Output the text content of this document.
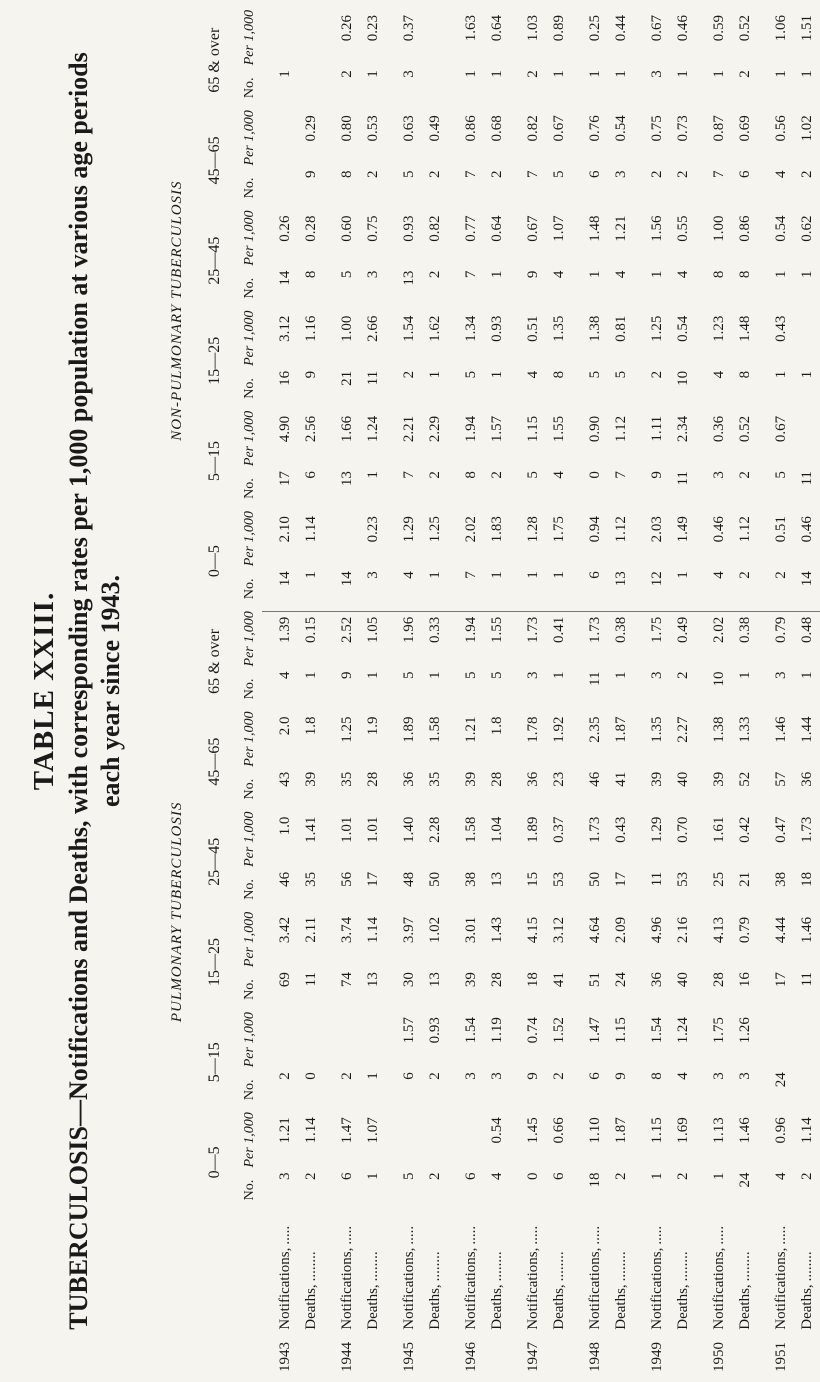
TABLE XXIII. TUBERCULOSIS—Notifications and Deaths, with corresponding rates per 1,000 population at various age periods each year since 1943.
		PULMONARY TUBERCULOSIS												NON-PULMONARY TUBERCULOSIS											
		0—5		5—15		15—25		25—45		45—65		65 & over		0—5		5—15		15—25		25—45		45—65		65 & over	
		No.	Per 1,000	No.	Per 1,000	No.	Per 1,000	No.	Per 1,000	No.	Per 1,000	No.	Per 1,000	No.	Per 1,000	No.	Per 1,000	No.	Per 1,000	No.	Per 1,000	No.	Per 1,000	No.	Per 1,000
1943	Notifications,.....	3	1.21	2		69	3.42	46	1.0	43	2.0	4	1.39	14	2.10	17	4.90	16	3.12	14	0.26			1	
	Deaths,........	2	1.14	0		11	2.11	35	1.41	39	1.8	1	0.15	1	1.14	6	2.56	9	1.16	8	0.28	9	0.29		
1944	Notifications,.....	6	1.47	2		74	3.74	56	1.01	35	1.25	9	2.52	14		13	1.66	21	1.00	5	0.60	8	0.80	2	0.26
	Deaths,........	1	1.07	1		13	1.14	17	1.01	28	1.9	1	1.05	3	0.23	1	1.24	11	2.66	3	0.75	2	0.53	1	0.23
1945	Notifications,.....	5		6	1.57	30	3.97	48	1.40	36	1.89	5	1.96	4	1.29	7	2.21	2	1.54	13	0.93	5	0.63	3	0.37
	Deaths,........	2		2	0.93	13	1.02	50	2.28	35	1.58	1	0.33	1	1.25	2	2.29	1	1.62	2	0.82	2	0.49		
1946	Notifications,.....	6		3	1.54	39	3.01	38	1.58	39	1.21	5	1.94	7	2.02	8	1.94	5	1.34	7	0.77	7	0.86	1	1.63
	Deaths,........	4	0.54	3	1.19	28	1.43	13	1.04	28	1.8	5	1.55	1	1.83	2	1.57	1	0.93	1	0.64	2	0.68	1	0.64
1947	Notifications,.....	0	1.45	9	0.74	18	4.15	15	1.89	36	1.78	3	1.73	1	1.28	5	1.15	4	0.51	9	0.67	7	0.82	2	1.03
	Deaths,........	6	0.66	2	1.52	41	3.12	53	0.37	23	1.92	1	0.41	1	1.75	4	1.55	8	1.35	4	1.07	5	0.67	1	0.89
1948	Notifications,.....	18	1.10	6	1.47	51	4.64	50	1.73	46	2.35	11	1.73	6	0.94	0	0.90	5	1.38	1	1.48	6	0.76	1	0.25
	Deaths,........	2	1.87	9	1.15	24	2.09	17	0.43	41	1.87	1	0.38	13	1.12	7	1.12	5	0.81	4	1.21	3	0.54	1	0.44
1949	Notifications,.....	1	1.15	8	1.54	36	4.96	11	1.29	39	1.35	3	1.75	12	2.03	9	1.11	2	1.25	1	1.56	2	0.75	3	0.67
	Deaths,........	2	1.69	4	1.24	40	2.16	53	0.70	40	2.27	2	0.49	1	1.49	11	2.34	10	0.54	4	0.55	2	0.73	1	0.46
1950	Notifications,.....	1	1.13	3	1.75	28	4.13	25	1.61	39	1.38	10	2.02	4	0.46	3	0.36	4	1.23	8	1.00	7	0.87	1	0.59
	Deaths,........	24	1.46	3	1.26	16	0.79	21	0.42	52	1.33	1	0.38	2	1.12	2	0.52	8	1.48	8	0.86	6	0.69	2	0.52
1951	Notifications,.....	4	0.96	24		17	4.44	38	0.47	57	1.46	3	0.79	2	0.51	5	0.67	1	0.43	1	0.54	4	0.56	1	1.06
	Deaths,........	2	1.14			11	1.46	18	1.73	36	1.44	1	0.48	14	0.46	11		1		1	0.62	2	1.02	1	1.51
